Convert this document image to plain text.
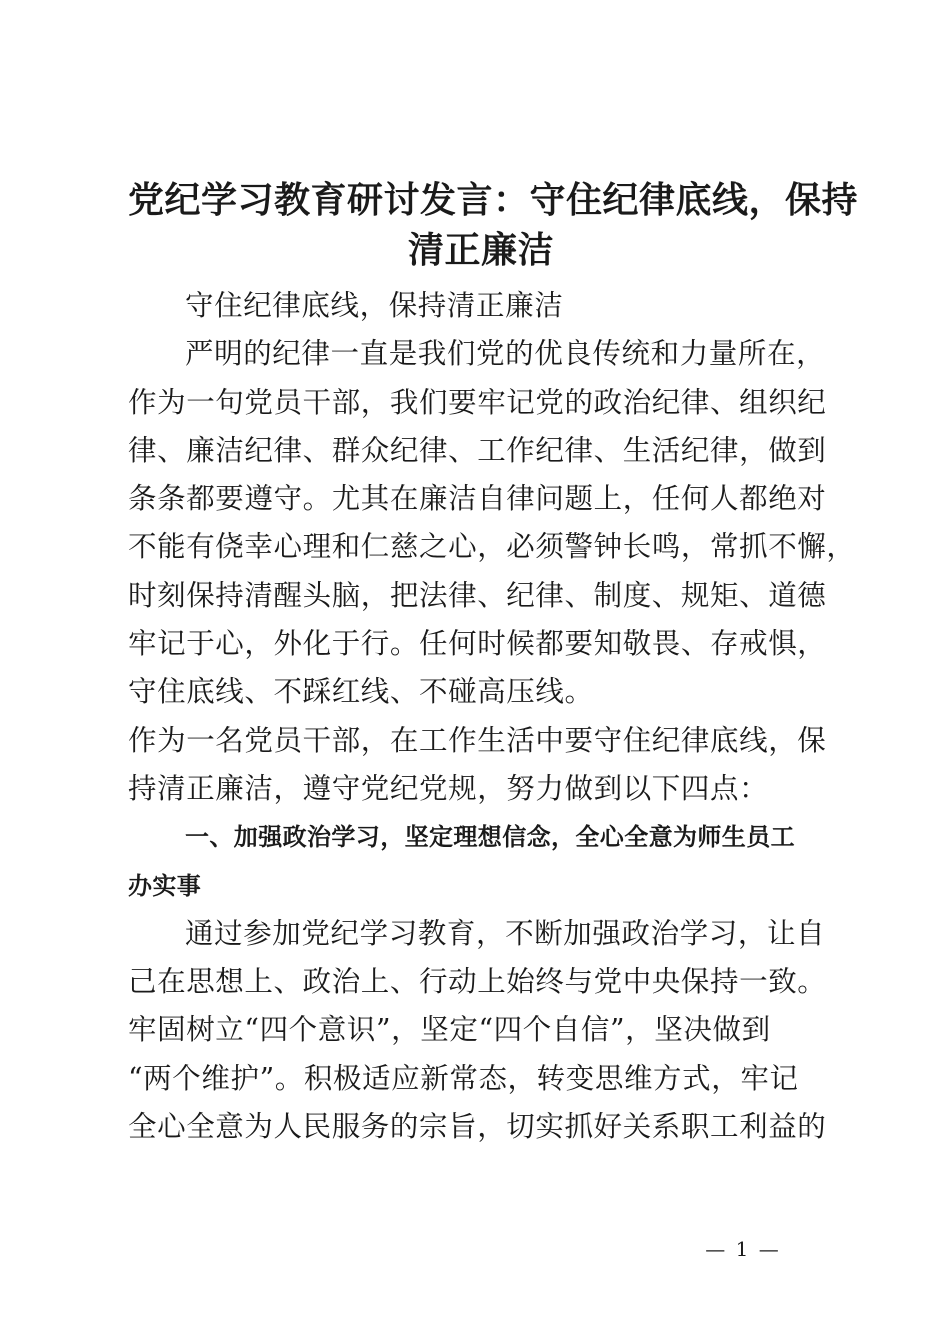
党纪学习教育研讨发言：守住纪律底线，保持
清正廉洁
守住纪律底线，保持清正廉洁
严明的纪律一直是我们党的优良传统和力量所在，
作为一句党员干部，我们要牢记党的政治纪律、组织纪
律、廉洁纪律、群众纪律、工作纪律、生活纪律，做到
条条都要遵守。尤其在廉洁自律问题上，任何人都绝对
不能有侥幸心理和仁慈之心，必须警钟长鸣，常抓不懈，
时刻保持清醒头脑，把法律、纪律、制度、规矩、道德
牢记于心，外化于行。任何时候都要知敬畏、存戒惧，
守住底线、不踩红线、不碰高压线。
作为一名党员干部，在工作生活中要守住纪律底线，保
持清正廉洁，遵守党纪党规，努力做到以下四点：
一、加强政治学习，坚定理想信念，全心全意为师生员工
办实事
通过参加党纪学习教育，不断加强政治学习，让自
己在思想上、政治上、行动上始终与党中央保持一致。
牢固树立“四个意识”，坚定“四个自信”，坚决做到
“两个维护”。积极适应新常态，转变思维方式，牢记
全心全意为人民服务的宗旨，切实抓好关系职工利益的
— 1 —
